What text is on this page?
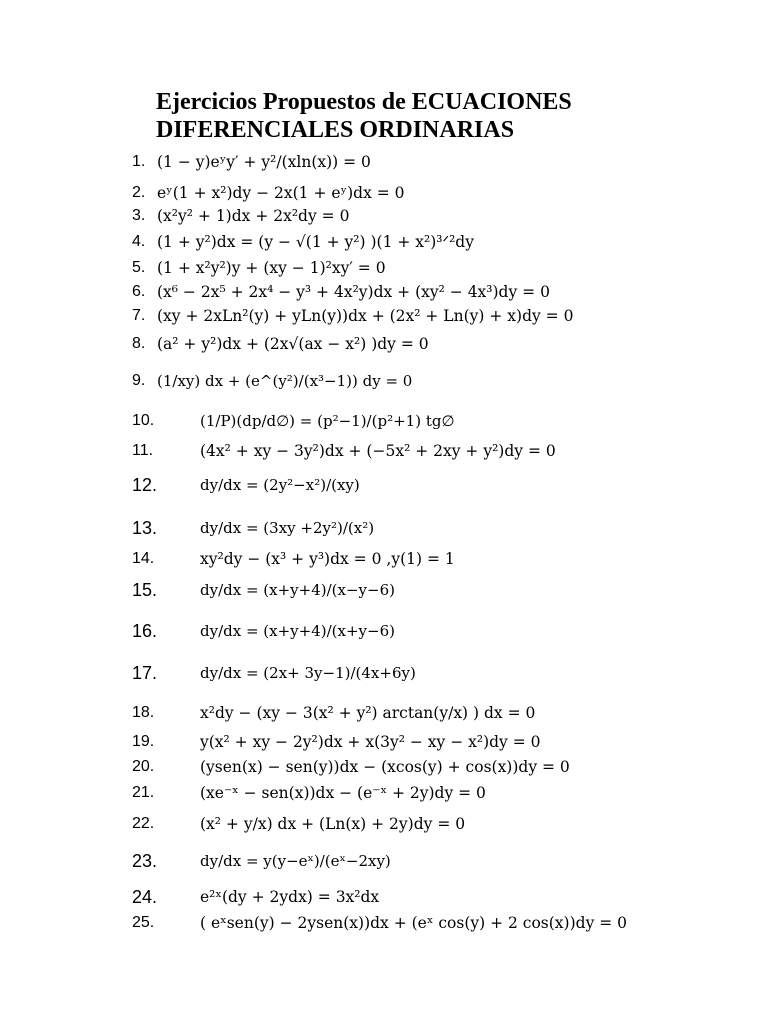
Ejercicios Propuestos de ECUACIONES
DIFERENCIALES ORDINARIAS
1. (1 − y)eʸy′ + y²/(xln(x)) = 0
2. eʸ(1 + x²)dy − 2x(1 + eʸ)dx = 0
3. (x²y² + 1)dx + 2x²dy = 0
4. (1 + y²)dx = (y − √(1 + y²) )(1 + x²)³ᐟ²dy
5. (1 + x²y²)y + (xy − 1)²xy′ = 0
6. (x⁶ − 2x⁵ + 2x⁴ − y³ + 4x²y)dx + (xy² − 4x³)dy = 0
7. (xy + 2xLn²(y) + yLn(y))dx + (2x² + Ln(y) + x)dy = 0
8. (a² + y²)dx + (2x√(ax − x²) )dy = 0
9. (1/xy) dx + (e^(y²)/(x³−1)) dy = 0
10.	(1/P)(dp/d∅) = (p²−1)/(p²+1) tg∅
11.	(4x² + xy − 3y²)dx + (−5x² + 2xy + y²)dy = 0
12.	dy/dx = (2y²−x²)/(xy)
13.	dy/dx = (3xy +2y²)/(x²)
14.	xy²dy − (x³ + y³)dx = 0 ,y(1) = 1
15.	dy/dx = (x+y+4)/(x−y−6)
16.	dy/dx = (x+y+4)/(x+y−6)
17.	dy/dx = (2x+ 3y−1)/(4x+6y)
18.	x²dy − (xy − 3(x² + y²) arctan(y/x) ) dx = 0
19.	y(x² + xy − 2y²)dx + x(3y² − xy − x²)dy = 0
20.	(ysen(x) − sen(y))dx − (xcos(y) + cos(x))dy = 0
21.	(xe⁻ˣ − sen(x))dx − (e⁻ˣ + 2y)dy = 0
22.	(x² + y/x) dx + (Ln(x) + 2y)dy = 0
23.	dy/dx = y(y−eˣ)/(eˣ−2xy)
24.	e²ˣ(dy + 2ydx) = 3x²dx
25.	( eˣsen(y) − 2ysen(x))dx + (eˣ cos(y) + 2 cos(x))dy = 0
